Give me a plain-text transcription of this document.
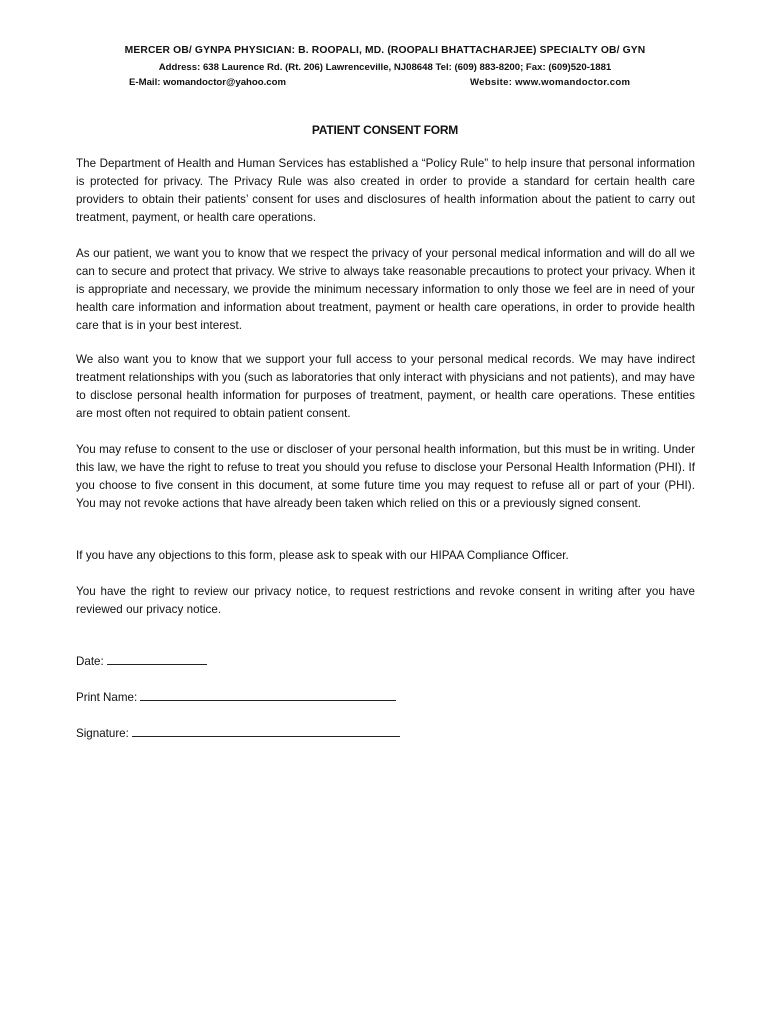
MERCER OB/ GYNPA PHYSICIAN: B. ROOPALI, MD. (ROOPALI BHATTACHARJEE) SPECIALTY OB/ GYN
Address: 638 Laurence Rd. (Rt. 206) Lawrenceville, NJ08648 Tel: (609) 883-8200; Fax: (609)520-1881
E-Mail: womandoctor@yahoo.com	Website: www.womandoctor.com
PATIENT CONSENT FORM

The Department of Health and Human Services has established a “Policy Rule” to help insure that personal information is protected for privacy. The Privacy Rule was also created in order to provide a standard for certain health care providers to obtain their patients’ consent for uses and disclosures of health information about the patient to carry out treatment, payment, or health care operations.

As our patient, we want you to know that we respect the privacy of your personal medical information and will do all we can to secure and protect that privacy. We strive to always take reasonable precautions to protect your privacy. When it is appropriate and necessary, we provide the minimum necessary information to only those we feel are in need of your health care information and information about treatment, payment or health care operations, in order to provide health care that is in your best interest.

We also want you to know that we support your full access to your personal medical records. We may have indirect treatment relationships with you (such as laboratories that only interact with physicians and not patients), and may have to disclose personal health information for purposes of treatment, payment, or health care operations. These entities are most often not required to obtain patient consent.

You may refuse to consent to the use or discloser of your personal health information, but this must be in writing. Under this law, we have the right to refuse to treat you should you refuse to disclose your Personal Health Information (PHI). If you choose to five consent in this document, at some future time you may request to refuse all or part of your (PHI). You may not revoke actions that have already been taken which relied on this or a previously signed consent.

If you have any objections to this form, please ask to speak with our HIPAA Compliance Officer.

You have the right to review our privacy notice, to request restrictions and revoke consent in writing after you have reviewed our privacy notice.

Date:
Print Name:
Signature:
